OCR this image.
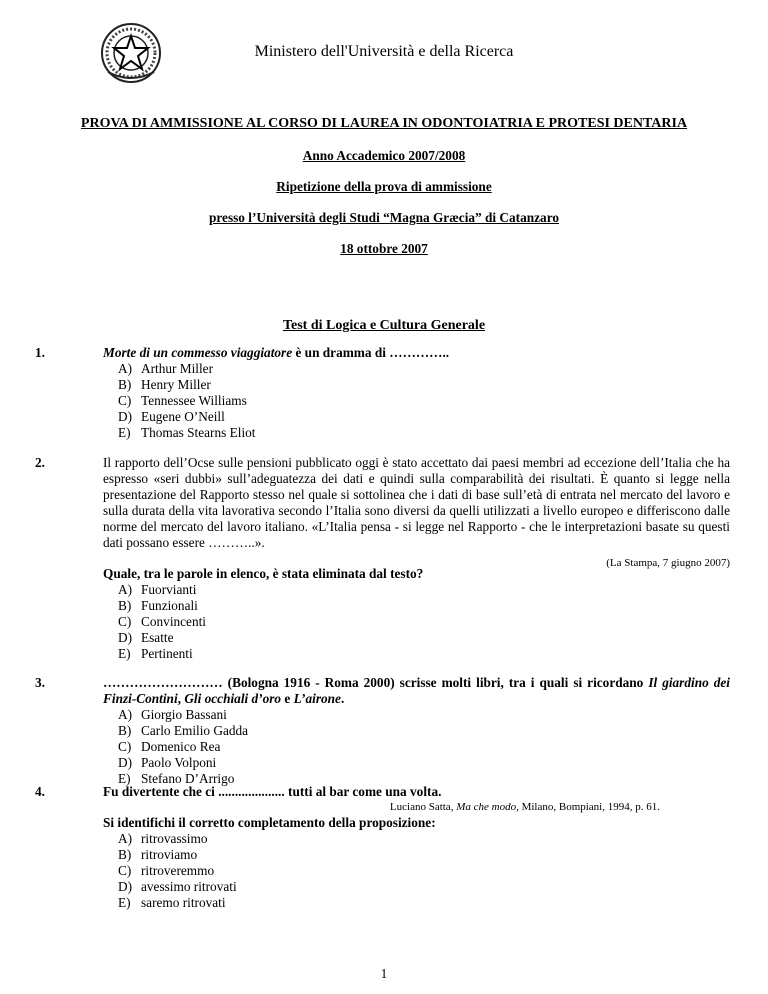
Ministero dell'Università e della Ricerca
PROVA DI AMMISSIONE AL CORSO DI LAUREA IN ODONTOIATRIA E PROTESI DENTARIA
Anno Accademico 2007/2008
Ripetizione della prova di ammissione
presso l’Università degli Studi “Magna Græcia” di Catanzaro
18 ottobre 2007
Test di Logica e Cultura Generale
1.	Morte di un commesso viaggiatore è un dramma di …………..
A) Arthur Miller
B) Henry Miller
C) Tennessee Williams
D) Eugene O’Neill
E) Thomas Stearns Eliot
2.	Il rapporto dell’Ocse sulle pensioni pubblicato oggi è stato accettato dai paesi membri ad eccezione dell’Italia che ha espresso «seri dubbi» sull’adeguatezza dei dati e quindi sulla comparabilità dei risultati. È quanto si legge nella presentazione del Rapporto stesso nel quale si sottolinea che i dati di base sull’età di entrata nel mercato del lavoro e sulla durata della vita lavorativa secondo l’Italia sono diversi da quelli utilizzati a livello europeo e differiscono dalle norme del mercato del lavoro italiano. «L’Italia pensa - si legge nel Rapporto - che le interpretazioni basate su questi dati possano essere ………..».
(La Stampa, 7 giugno 2007)
Quale, tra le parole in elenco, è stata eliminata dal testo?
A) Fuorvianti
B) Funzionali
C) Convincenti
D) Esatte
E) Pertinenti
3.	……………………… (Bologna 1916 - Roma 2000) scrisse molti libri, tra i quali si ricordano Il giardino dei Finzi-Contini, Gli occhiali d’oro e L’airone.
A) Giorgio Bassani
B) Carlo Emilio Gadda
C) Domenico Rea
D) Paolo Volponi
E) Stefano D’Arrigo
4.	Fu divertente che ci .................... tutti al bar come una volta.
Luciano Satta, Ma che modo, Milano, Bompiani, 1994, p. 61.
Si identifichi il corretto completamento della proposizione:
A) ritrovassimo
B) ritroviamo
C) ritroveremmo
D) avessimo ritrovati
E) saremo ritrovati
1
